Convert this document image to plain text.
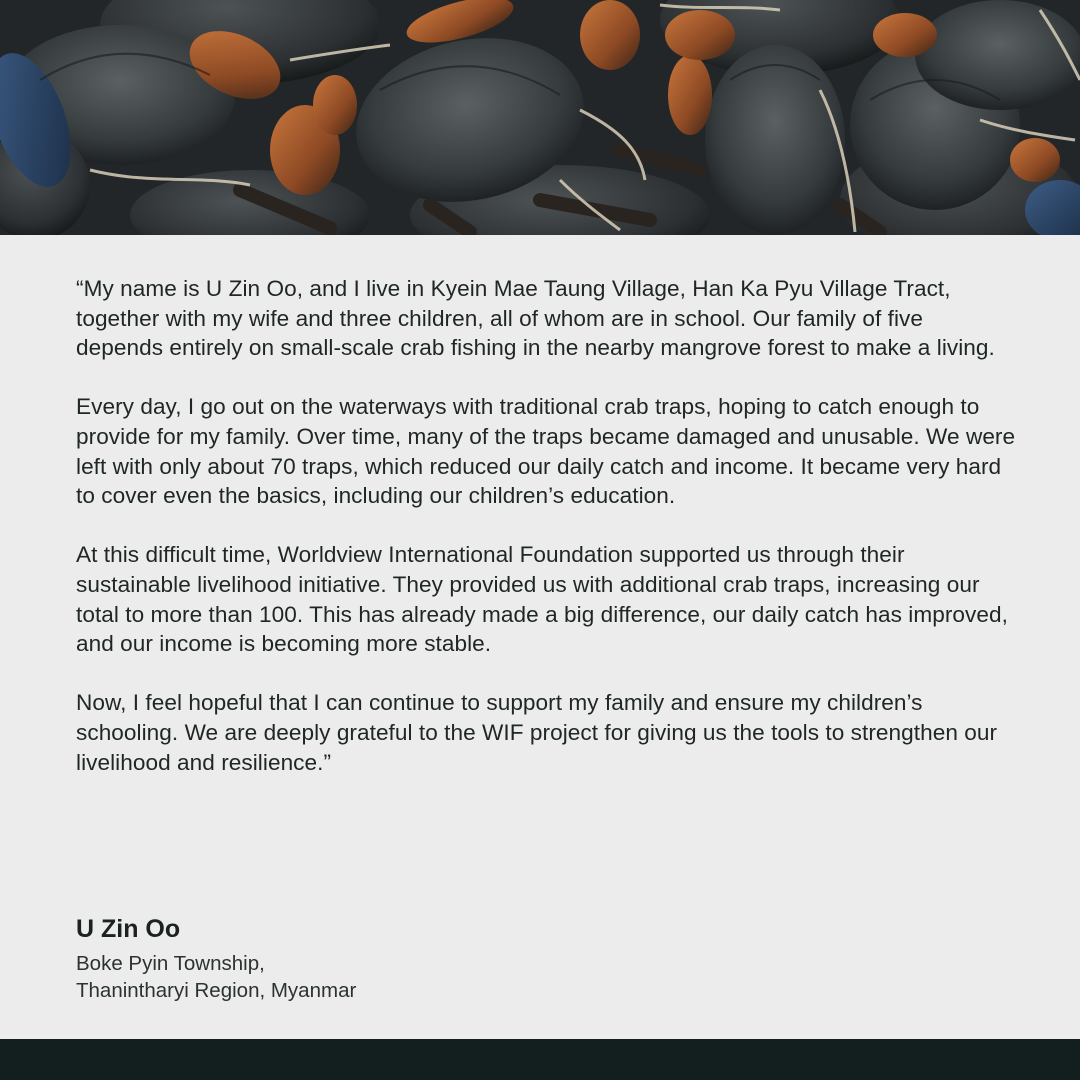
“My name is U Zin Oo, and I live in Kyein Mae Taung Village, Han Ka Pyu Village Tract, together with my wife and three children, all of whom are in school. Our family of five depends entirely on small-scale crab fishing in the nearby mangrove forest to make a living.

Every day, I go out on the waterways with traditional crab traps, hoping to catch enough to provide for my family. Over time, many of the traps became damaged and unusable. We were left with only about 70 traps, which reduced our daily catch and income. It became very hard to cover even the basics, including our children’s education.

At this difficult time, Worldview International Foundation supported us through their sustainable livelihood initiative. They provided us with additional crab traps, increasing our total to more than 100. This has already made a big difference, our daily catch has improved, and our income is becoming more stable.

Now, I feel hopeful that I can continue to support my family and ensure my children’s schooling. We are deeply grateful to the WIF project for giving us the tools to strengthen our livelihood and resilience.”

U Zin Oo
Boke Pyin Township,
Thanintharyi Region, Myanmar
